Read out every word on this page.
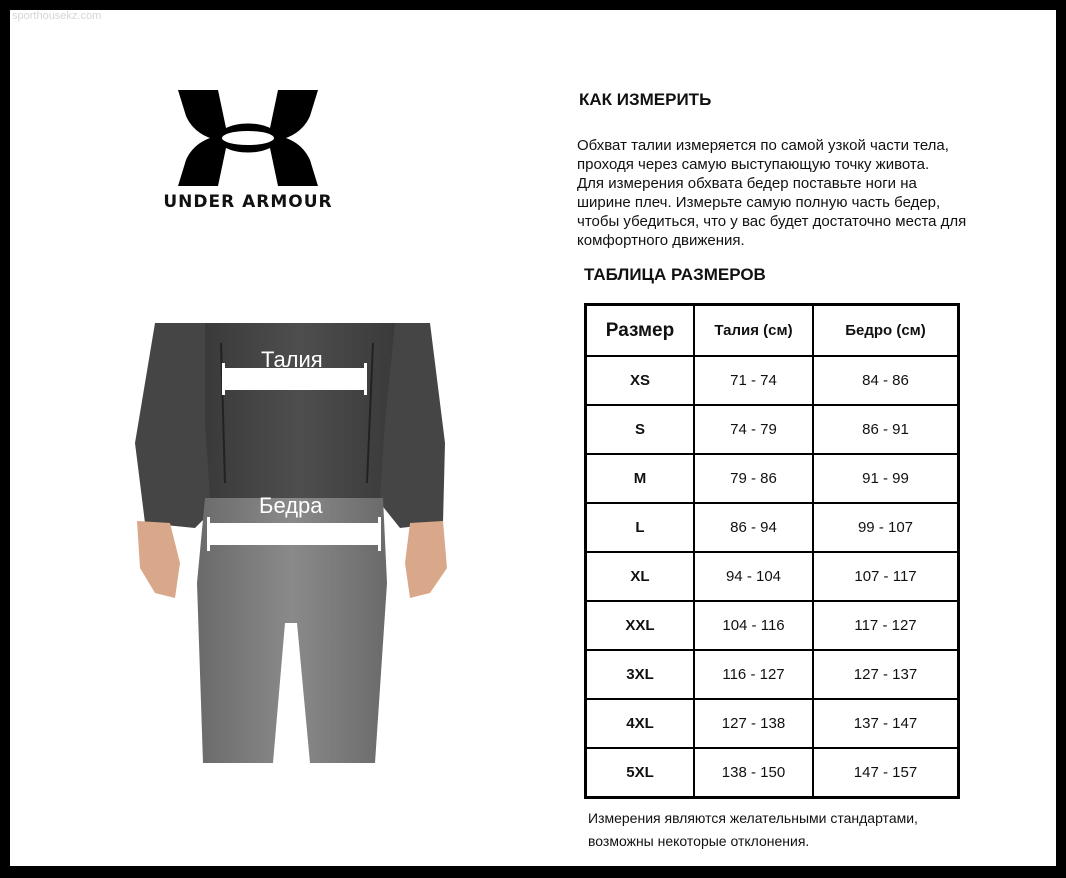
sporthousekz.com
UNDER ARMOUR
Талия
Бедра
КАК ИЗМЕРИТЬ
Обхват талии измеряется по самой узкой части тела,
проходя через самую выступающую точку живота.
Для измерения обхвата бедер поставьте ноги на
ширине плеч. Измерьте самую полную часть бедер,
чтобы убедиться, что у вас будет достаточно места для
комфортного движения.
ТАБЛИЦА РАЗМЕРОВ
Размер	Талия (см)	Бедро (см)
XS	71 - 74	84 - 86
S	74 - 79	86 - 91
M	79 - 86	91 - 99
L	86 - 94	99 - 107
XL	94 - 104	107 - 117
XXL	104 - 116	117 - 127
3XL	116 - 127	127 - 137
4XL	127 - 138	137 - 147
5XL	138 - 150	147 - 157
Измерения являются желательными стандартами,
возможны некоторые отклонения.
